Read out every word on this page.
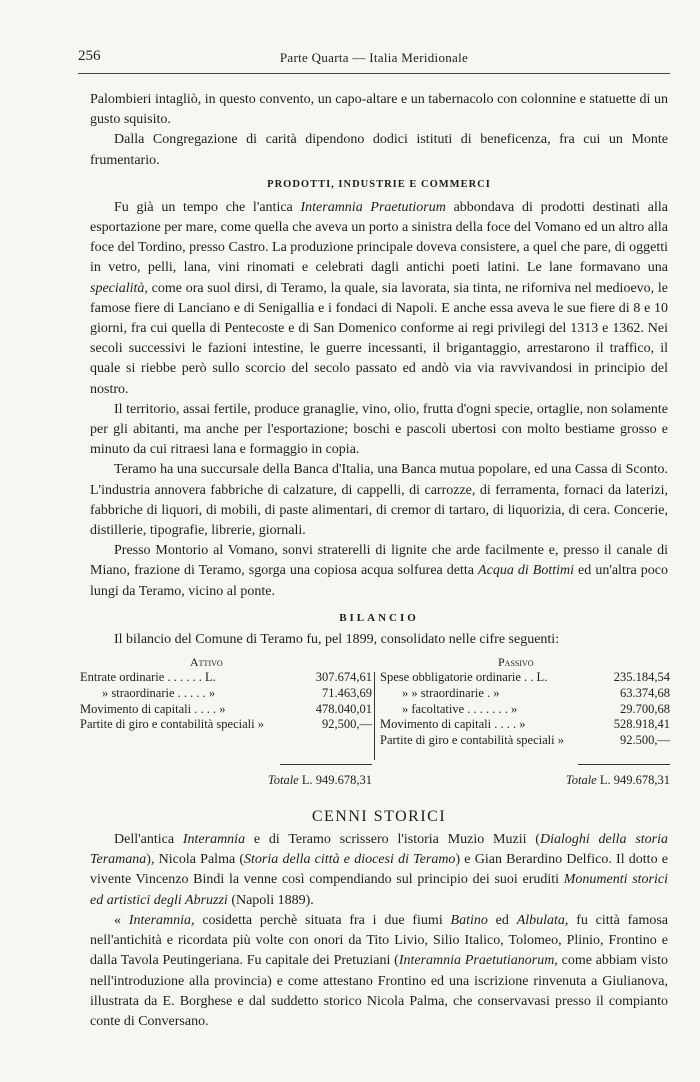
256	Parte Quarta — Italia Meridionale

Palombieri intagliò, in questo convento, un capo-altare e un tabernacolo con colonnine e statuette di un gusto squisito.

Dalla Congregazione di carità dipendono dodici istituti di beneficenza, fra cui un Monte frumentario.

PRODOTTI, INDUSTRIE E COMMERCI

Fu già un tempo che l'antica Interamnia Praetutiorum abbondava di prodotti destinati alla esportazione per mare, come quella che aveva un porto a sinistra della foce del Vomano ed un altro alla foce del Tordino, presso Castro. La produzione principale doveva consistere, a quel che pare, di oggetti in vetro, pelli, lana, vini rinomati e celebrati dagli antichi poeti latini. Le lane formavano una specialità, come ora suol dirsi, di Teramo, la quale, sia lavorata, sia tinta, ne riforniva nel medioevo, le famose fiere di Lanciano e di Senigallia e i fondaci di Napoli. E anche essa aveva le sue fiere di 8 e 10 giorni, fra cui quella di Pentecoste e di San Domenico conforme ai regi privilegi del 1313 e 1362. Nei secoli successivi le fazioni intestine, le guerre incessanti, il brigantaggio, arrestarono il traffico, il quale si riebbe però sullo scorcio del secolo passato ed andò via via ravvivandosi in principio del nostro.

Il territorio, assai fertile, produce granaglie, vino, olio, frutta d'ogni specie, ortaglie, non solamente per gli abitanti, ma anche per l'esportazione; boschi e pascoli ubertosi con molto bestiame grosso e minuto da cui ritraesi lana e formaggio in copia.

Teramo ha una succursale della Banca d'Italia, una Banca mutua popolare, ed una Cassa di Sconto. L'industria annovera fabbriche di calzature, di cappelli, di carrozze, di ferramenta, fornaci da laterizi, fabbriche di liquori, di mobili, di paste alimentari, di cremor di tartaro, di liquorizia, di cera. Concerie, distillerie, tipografie, librerie, giornali.

Presso Montorio al Vomano, sonvi straterelli di lignite che arde facilmente e, presso il canale di Miano, frazione di Teramo, sgorga una copiosa acqua solfurea detta Acqua di Bottimi ed un'altra poco lungi da Teramo, vicino al ponte.

BILANCIO

Il bilancio del Comune di Teramo fu, pel 1899, consolidato nelle cifre seguenti:

Attivo	Passivo
Entrate ordinarie . . . . . . L.	307.674,61
» straordinarie . . . . . »	71.463,69
Movimento di capitali . . . . »	478.040,01
Partite di giro e contabilità speciali »	92,500,—
Spese obbligatorie ordinarie . . L.	235.184,54
» » straordinarie . »	63.374,68
» facoltative . . . . . . . »	29.700,68
Movimento di capitali . . . . »	528.918,41
Partite di giro e contabilità speciali »	92.500,—
Totale L. 949.678,31	Totale L. 949.678,31
CENNI STORICI

Dell'antica Interamnia e di Teramo scrissero l'istoria Muzio Muzii (Dialoghi della storia Teramana), Nicola Palma (Storia della città e diocesi di Teramo) e Gian Berardino Delfico. Il dotto e vivente Vincenzo Bindi la venne così compendiando sul principio dei suoi eruditi Monumenti storici ed artistici degli Abruzzi (Napoli 1889).

« Interamnia, cosidetta perchè situata fra i due fiumi Batino ed Albulata, fu città famosa nell'antichità e ricordata più volte con onori da Tito Livio, Silio Italico, Tolomeo, Plinio, Frontino e dalla Tavola Peutingeriana. Fu capitale dei Pretuziani (Interamnia Praetutianorum, come abbiam visto nell'introduzione alla provincia) e come attestano Frontino ed una iscrizione rinvenuta a Giulianova, illustrata da E. Borghese e dal suddetto storico Nicola Palma, che conservavasi presso il compianto conte di Conversano.
